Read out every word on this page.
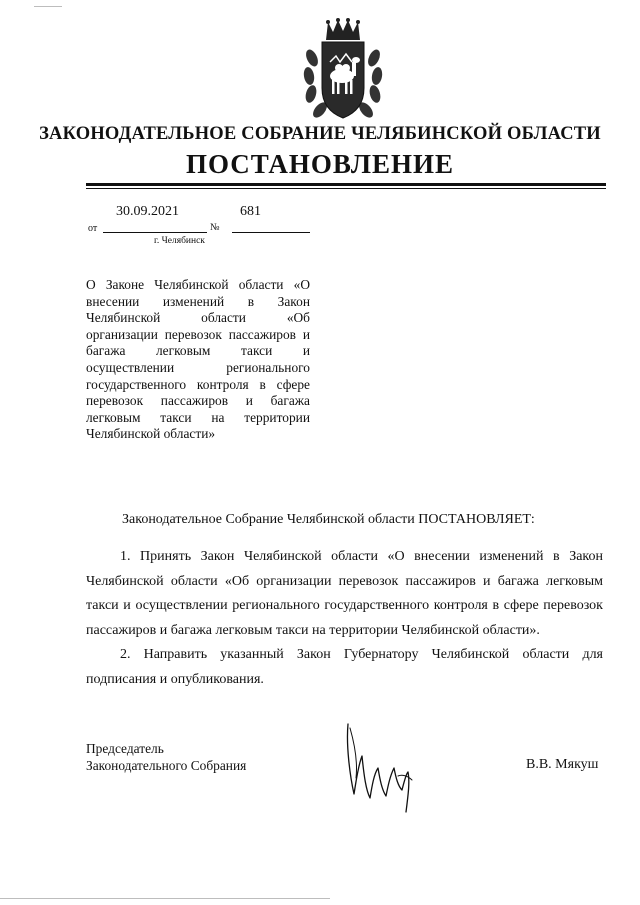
ЗАКОНОДАТЕЛЬНОЕ СОБРАНИЕ ЧЕЛЯБИНСКОЙ ОБЛАСТИ
ПОСТАНОВЛЕНИЕ
30.09.2021	681
от	№
г. Челябинск
О Законе Челябинской области «О внесении изменений в Закон Челябинской области «Об организации перевозок пассажиров и багажа легковым такси и осуществлении регионального государственного контроля в сфере перевозок пассажиров и багажа легковым такси на территории Челябинской области»
Законодательное Собрание Челябинской области ПОСТАНОВЛЯЕТ:
1. Принять Закон Челябинской области «О внесении изменений в Закон Челябинской области «Об организации перевозок пассажиров и багажа легковым такси и осуществлении регионального государственного контроля в сфере перевозок пассажиров и багажа легковым такси на территории Челябинской области».
2. Направить указанный Закон Губернатору Челябинской области для подписания и опубликования.
Председатель
Законодательного Собрания	В.В. Мякуш
